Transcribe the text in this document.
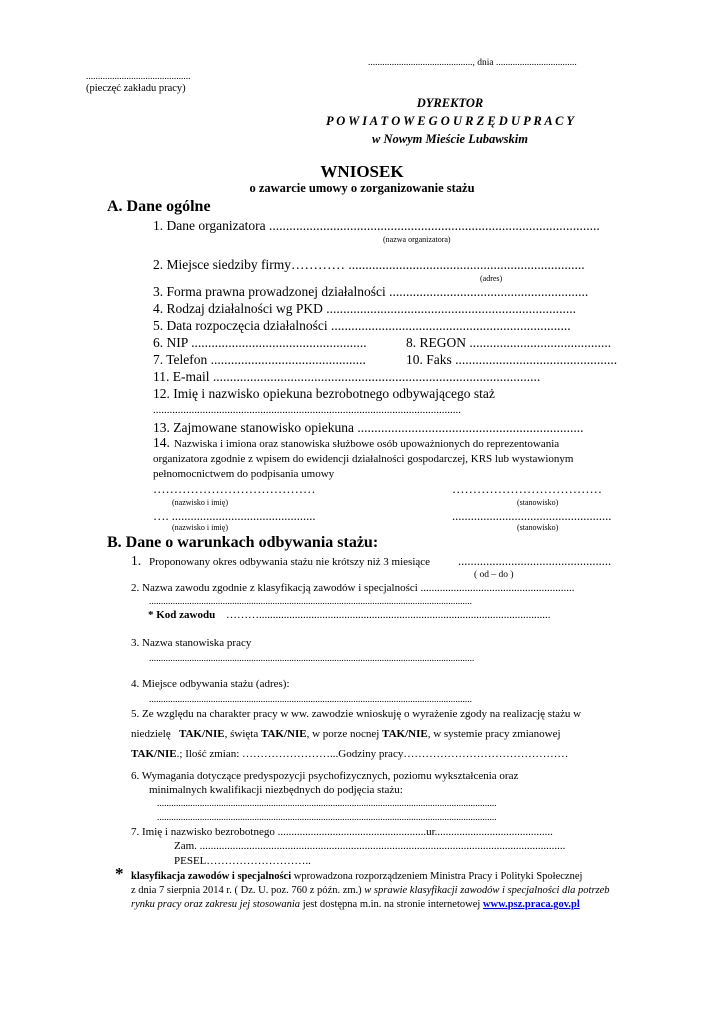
............................................, dnia ..................................
............................................
(pieczęć zakładu pracy)
DYREKTOR
P O W I A T O W E G O U R Z Ę D U P R A C Y
w Nowym Mieście Lubawskim
WNIOSEK
o zawarcie umowy o zorganizowanie stażu
A. Dane ogólne
1. Dane organizatora ..................................................................................................
(nazwa organizatora)
2. Miejsce siedziby firmy………… ......................................................................
(adres)
3. Forma prawna prowadzonej działalności ...........................................................
4. Rodzaj działalności wg PKD ..........................................................................
5. Data rozpoczęcia działalności .......................................................................
6. NIP ....................................................	8. REGON ..........................................
7. Telefon ..............................................	10. Faks ................................................
11. E-mail .................................................................................................
12. Imię i nazwisko opiekuna bezrobotnego odbywającego staż
................................................................................................................
13. Zajmowane stanowisko opiekuna ...................................................................
14. Nazwiska i imiona oraz stanowiska służbowe osób upoważnionych do reprezentowania
organizatora zgodnie z wpisem do ewidencji działalności gospodarczej, KRS lub wystawionym
pełnomocnictwem do podpisania umowy
…………………………………	………………………………
(nazwisko i imię)	(stanowisko)
…. ..............................................	...................................................
(nazwisko i imię)	(stanowisko)
B. Dane o warunkach odbywania stażu:
1. Proponowany okres odbywania stażu nie krótszy niż 3 miesiące .................................................
( od – do )
2. Nazwa zawodu zgodnie z klasyfikacją zawodów i specjalności ........................................................
........................................................................................................................................
* Kod zawodu ………..........................................................................................................
3. Nazwa stanowiska pracy
.........................................................................................................................................
4. Miejsce odbywania stażu (adres):
........................................................................................................................................
5. Ze względu na charakter pracy w ww. zawodzie wnioskuję o wyrażenie zgody na realizację stażu w
niedzielę TAK/NIE, święta TAK/NIE, w porze nocnej TAK/NIE, w systemie pracy zmianowej
TAK/NIE.; Ilość zmian: ……………………...Godziny pracy………………………………………
6. Wymagania dotyczące predyspozycji psychofizycznych, poziomu wykształcenia oraz
minimalnych kwalifikacji niezbędnych do podjęcia stażu:
...............................................................................................................................................
...............................................................................................................................................
7. Imię i nazwisko bezrobotnego ......................................................ur...........................................
Zam. .....................................................................................................................................
PESEL………………………..
* klasyfikacja zawodów i specjalności wprowadzona rozporządzeniem Ministra Pracy i Polityki Społecznej
z dnia 7 sierpnia 2014 r. ( Dz. U. poz. 760 z późn. zm.) w sprawie klasyfikacji zawodów i specjalności dla potrzeb
rynku pracy oraz zakresu jej stosowania jest dostępna m.in. na stronie internetowej www.psz.praca.gov.pl
